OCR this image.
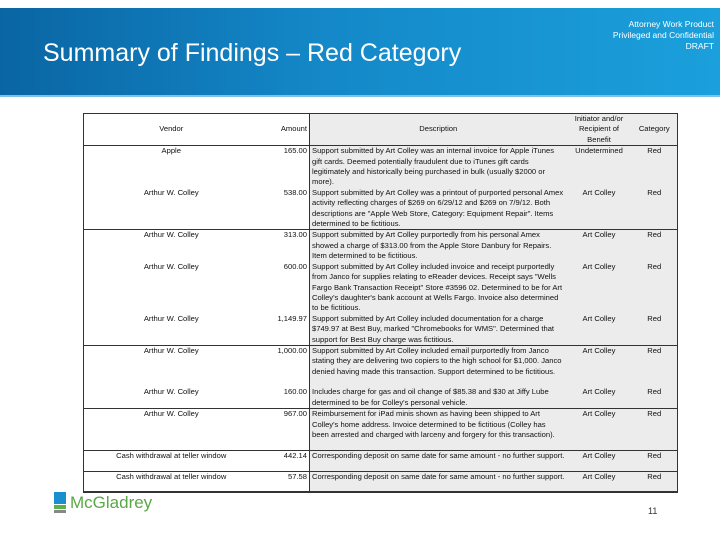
Summary of Findings – Red Category
Attorney Work Product
Privileged and Confidential
DRAFT
Vendor	Amount	Description	Initiator and/or Recipient of Benefit	Category
Apple	165.00	Support submitted by Art Colley was an internal invoice for Apple iTunes gift cards. Deemed potentially fraudulent due to iTunes gift cards legitimately and historically being purchased in bulk (usually $2000 or more).	Undetermined	Red
Arthur W. Colley	538.00	Support submitted by Art Colley was a printout of purported personal Amex activity reflecting charges of $269 on 6/29/12 and $269 on 7/9/12. Both descriptions are "Apple Web Store, Category: Equipment Repair". Items determined to be fictitious.	Art Colley	Red
Arthur W. Colley	313.00	Support submitted by Art Colley purportedly from his personal Amex showed a charge of $313.00 from the Apple Store Danbury for Repairs. Item determined to be fictitious.	Art Colley	Red
Arthur W. Colley	600.00	Support submitted by Art Colley included invoice and receipt purportedly from Janco for supplies relating to eReader devices. Receipt says "Wells Fargo Bank Transaction Receipt" Store #3596 02. Determined to be for Art Colley's daughter's bank account at Wells Fargo. Invoice also determined to be fictitious.	Art Colley	Red
Arthur W. Colley	1,149.97	Support submitted by Art Colley included documentation for a charge $749.97 at Best Buy, marked "Chromebooks for WMS". Determined that support for Best Buy charge was fictitious.	Art Colley	Red
Arthur W. Colley	1,000.00	Support submitted by Art Colley included email purportedly from Janco stating they are delivering two copiers to the high school for $1,000. Janco denied having made this transaction. Support determined to be fictitious.	Art Colley	Red
Arthur W. Colley	160.00	Includes charge for gas and oil change of $85.38 and $30 at Jiffy Lube determined to be for Colley's personal vehicle.	Art Colley	Red
Arthur W. Colley	967.00	Reimbursement for iPad minis shown as having been shipped to Art Colley's home address. Invoice determined to be fictitious (Colley has been arrested and charged with larceny and forgery for this transaction).	Art Colley	Red
Cash withdrawal at teller window	442.14	Corresponding deposit on same date for same amount - no further support.	Art Colley	Red
Cash withdrawal at teller window	57.58	Corresponding deposit on same date for same amount - no further support.	Art Colley	Red
McGladrey	11
